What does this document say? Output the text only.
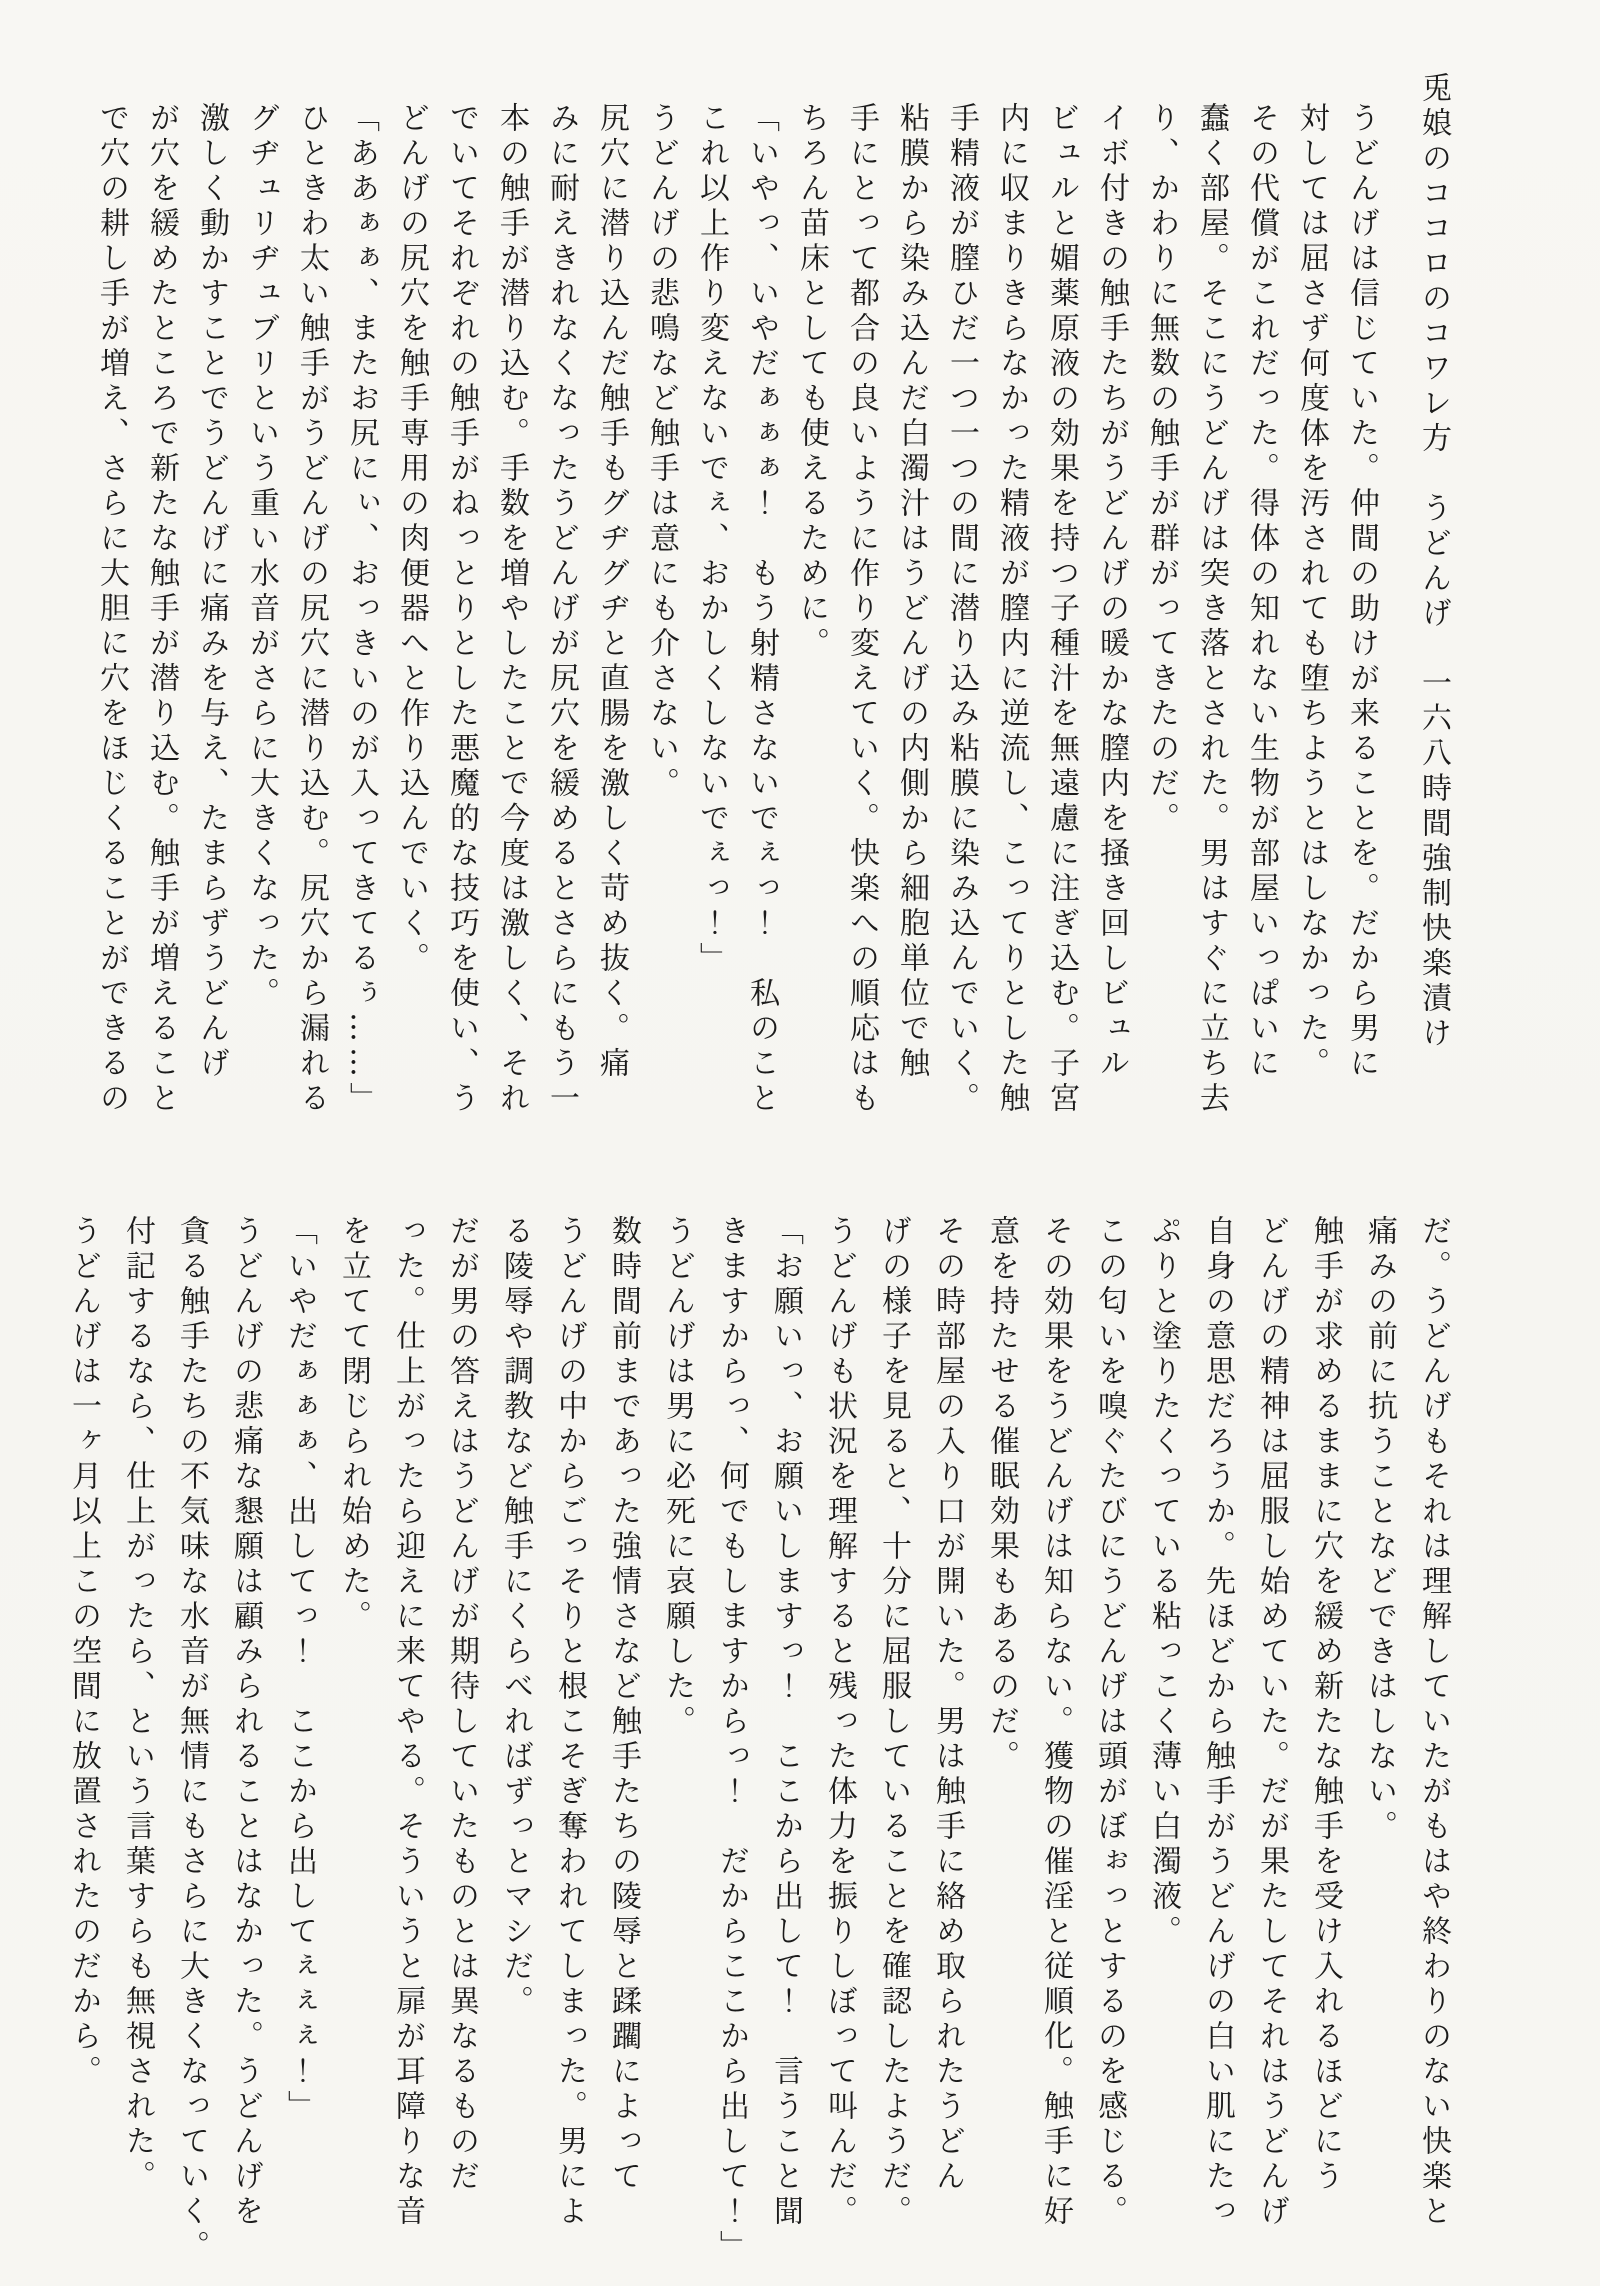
兎娘のココロのコワレ方　うどんげ　一六八時間強制快楽漬け
うどんげは信じていた。仲間の助けが来ることを。だから男に
対しては屈さず何度体を汚されても堕ちようとはしなかった。
その代償がこれだった。得体の知れない生物が部屋いっぱいに
蠢く部屋。そこにうどんげは突き落とされた。男はすぐに立ち去
り、かわりに無数の触手が群がってきたのだ。
イボ付きの触手たちがうどんげの暖かな膣内を掻き回しビュル
ビュルと媚薬原液の効果を持つ子種汁を無遠慮に注ぎ込む。子宮
内に収まりきらなかった精液が膣内に逆流し、こってりとした触
手精液が膣ひだ一つ一つの間に潜り込み粘膜に染み込んでいく。
粘膜から染み込んだ白濁汁はうどんげの内側から細胞単位で触
手にとって都合の良いように作り変えていく。快楽への順応はも
ちろん苗床としても使えるために。
「いやっ、いやだぁぁぁ！　もう射精さないでぇっ！　私のこと
これ以上作り変えないでぇ、おかしくしないでぇっ！」
うどんげの悲鳴など触手は意にも介さない。
尻穴に潜り込んだ触手もグヂグヂと直腸を激しく苛め抜く。痛
みに耐えきれなくなったうどんげが尻穴を緩めるとさらにもう一
本の触手が潜り込む。手数を増やしたことで今度は激しく、それ
でいてそれぞれの触手がねっとりとした悪魔的な技巧を使い、う
どんげの尻穴を触手専用の肉便器へと作り込んでいく。
「ああぁぁ、またお尻にぃ、おっきいのが入ってきてるぅ……」
ひときわ太い触手がうどんげの尻穴に潜り込む。尻穴から漏れる
グヂュリヂュブリという重い水音がさらに大きくなった。
激しく動かすことでうどんげに痛みを与え、たまらずうどんげ
が穴を緩めたところで新たな触手が潜り込む。触手が増えること
で穴の耕し手が増え、さらに大胆に穴をほじくることができるの
だ。うどんげもそれは理解していたがもはや終わりのない快楽と
痛みの前に抗うことなどできはしない。
触手が求めるままに穴を緩め新たな触手を受け入れるほどにう
どんげの精神は屈服し始めていた。だが果たしてそれはうどんげ
自身の意思だろうか。先ほどから触手がうどんげの白い肌にたっ
ぷりと塗りたくっている粘っこく薄い白濁液。
この匂いを嗅ぐたびにうどんげは頭がぼぉっとするのを感じる。
その効果をうどんげは知らない。獲物の催淫と従順化。触手に好
意を持たせる催眠効果もあるのだ。
その時部屋の入り口が開いた。男は触手に絡め取られたうどん
げの様子を見ると、十分に屈服していることを確認したようだ。
うどんげも状況を理解すると残った体力を振りしぼって叫んだ。
「お願いっ、お願いしますっ！　ここから出して！　言うこと聞
きますからっ、何でもしますからっ！　だからここから出して！」
うどんげは男に必死に哀願した。
数時間前まであった強情さなど触手たちの陵辱と蹂躙によって
うどんげの中からごっそりと根こそぎ奪われてしまった。男によ
る陵辱や調教など触手にくらべればずっとマシだ。
だが男の答えはうどんげが期待していたものとは異なるものだ
った。仕上がったら迎えに来てやる。そういうと扉が耳障りな音
を立てて閉じられ始めた。
「いやだぁぁぁ、出してっ！　ここから出してぇぇぇ！」
うどんげの悲痛な懇願は顧みられることはなかった。うどんげを
貪る触手たちの不気味な水音が無情にもさらに大きくなっていく。
付記するなら、仕上がったら、という言葉すらも無視された。
うどんげは一ヶ月以上この空間に放置されたのだから。
